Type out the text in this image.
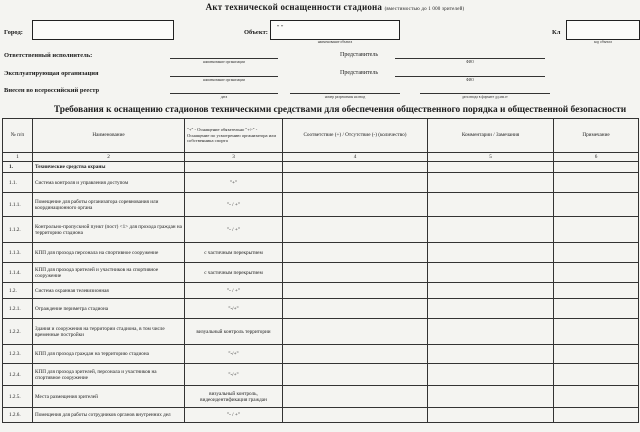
Акт технической оснащенности стадиона (вместимостью до 1 000 зрителей)
Город:	Объект:
" "
наименование объекта
Кл
код объекта
Ответственный исполнитель:
наименование организации
Представитель
ФИО
Эксплуатирующая организация
наименование организации
Представитель
ФИО
Внесен во всероссийский реестр
дата	номер разрешения на ввод	дата ввода в формате дд.мм.гг
Требования к оснащению стадионов техническими средствами для обеспечения общественного порядка и общественной безопасности
№ п/п	Наименование	"+" - Оснащение обязательно "+/-" - Оснащение по усмотрению организатора или собственника спорта	Соответствие (+) / Отсутствие (-) (количество)	Комментарии / Замечания	Примечание
1	2	3	4	5	6
1.	Технические средства охраны				
1.1.	Система контроля и управления доступом	"+"			
1.1.1.	Помещение для работы организатора соревнования или координационного органа	"- / +"			
1.1.2.	Контрольно-пропускной пункт (пост) <1> для прохода граждан на территорию стадиона	"- / +"			
1.1.3.	КПП для прохода персонала на спортивное сооружение	с частичным перекрытием			
1.1.4.	КПП для прохода зрителей и участников на спортивное сооружение	с частичным перекрытием			
1.2.	Система охранная телевизионная	"- / +"			
1.2.1.	Ограждение периметра стадиона	"-/+"			
1.2.2.	Здания и сооружения на территории стадиона, в том числе временные постройки	визуальный контроль территории			
1.2.3.	КПП для прохода граждан на территорию стадиона	"-/+"			
1.2.4.	КПП для прохода зрителей, персонала и участников на спортивное сооружение	"-/+"			
1.2.5.	Места размещения зрителей	визуальный контроль, видеоидентификация граждан			
1.2.6.	Помещения для работы сотрудников органов внутренних дел	"- / +"			
